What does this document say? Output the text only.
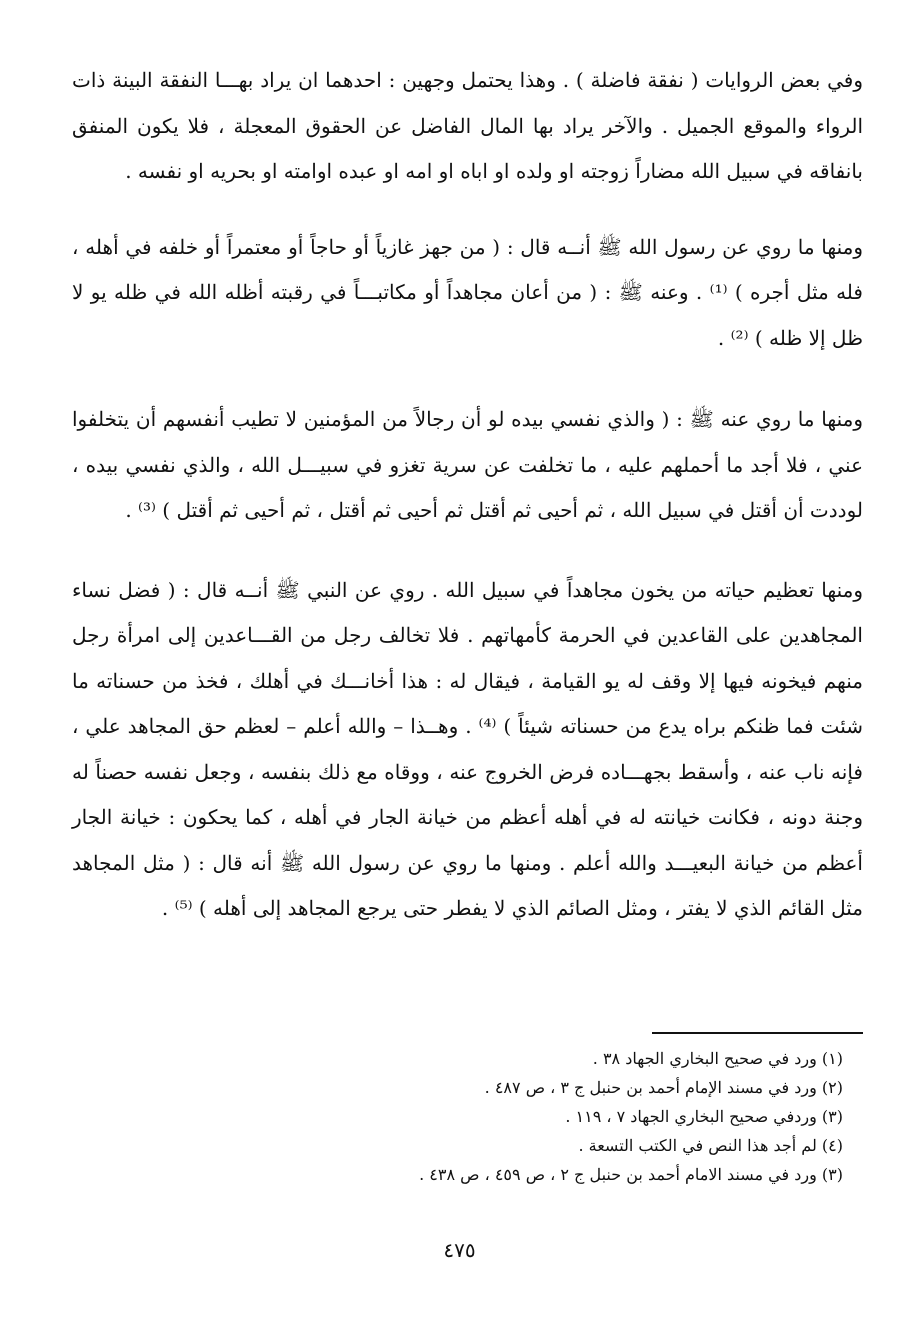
وفي بعض الروايات ( نفقة فاضلة ) . وهذا يحتمل وجهين : احدهما ان يراد بهـــا النفقة البينة ذات الرواء والموقع الجميل . والآخر يراد بها المال الفاضل عن الحقوق المعجلة ، فلا يكون المنفق بانفاقه في سبيل الله مضاراً زوجته او ولده او اباه او امه او عبده اوامته او بحريه او نفسه .

ومنها ما روي عن رسول الله ﷺ أنــه قال : ( من جهز غازياً أو حاجاً أو معتمراً أو خلفه في أهله ، فله مثل أجره ) ⁽¹⁾ . وعنه ﷺ : ( من أعان مجاهداً أو مكاتبـــاً في رقبته أظله الله في ظله يو لا ظل إلا ظله ) ⁽²⁾ .

ومنها ما روي عنه ﷺ : ( والذي نفسي بيده لو أن رجالاً من المؤمنين لا تطيب أنفسهم أن يتخلفوا عني ، فلا أجد ما أحملهم عليه ، ما تخلفت عن سرية تغزو في سبيـــل الله ، والذي نفسي بيده ، لوددت أن أقتل في سبيل الله ، ثم أحيى ثم أقتل ثم أحيى ثم أقتل ، ثم أحيى ثم أقتل ) ⁽³⁾ .

ومنها تعظيم حياته من يخون مجاهداً في سبيل الله . روي عن النبي ﷺ أنــه قال : ( فضل نساء المجاهدين على القاعدين في الحرمة كأمهاتهم . فلا تخالف رجل من القـــاعدين إلى امرأة رجل منهم فيخونه فيها إلا وقف له يو القيامة ، فيقال له : هذا أخانـــك في أهلك ، فخذ من حسناته ما شئت فما ظنكم براه يدع من حسناته شيئاً ) ⁽⁴⁾ . وهــذا – والله أعلم – لعظم حق المجاهد علي ، فإنه ناب عنه ، وأسقط بجهـــاده فرض الخروج عنه ، ووقاه مع ذلك بنفسه ، وجعل نفسه حصناً له وجنة دونه ، فكانت خيانته له في أهله أعظم من خيانة الجار في أهله ، كما يحكون : خيانة الجار أعظم من خيانة البعيـــد والله أعلم . ومنها ما روي عن رسول الله ﷺ أنه قال : ( مثل المجاهد مثل القائم الذي لا يفتر ، ومثل الصائم الذي لا يفطر حتى يرجع المجاهد إلى أهله ) ⁽⁵⁾ .

(١) ورد في صحيح البخاري الجهاد ٣٨ .
(٢) ورد في مسند الإمام أحمد بن حنبل ج ٣ ، ص ٤٨٧ .
(٣) وردفي صحيح البخاري الجهاد ٧ ، ١١٩ .
(٤) لم أجد هذا النص في الكتب التسعة .
(٣) ورد في مسند الامام أحمد بن حنبل ج ٢ ، ص ٤٥٩ ، ص ٤٣٨ .
٤٧٥
